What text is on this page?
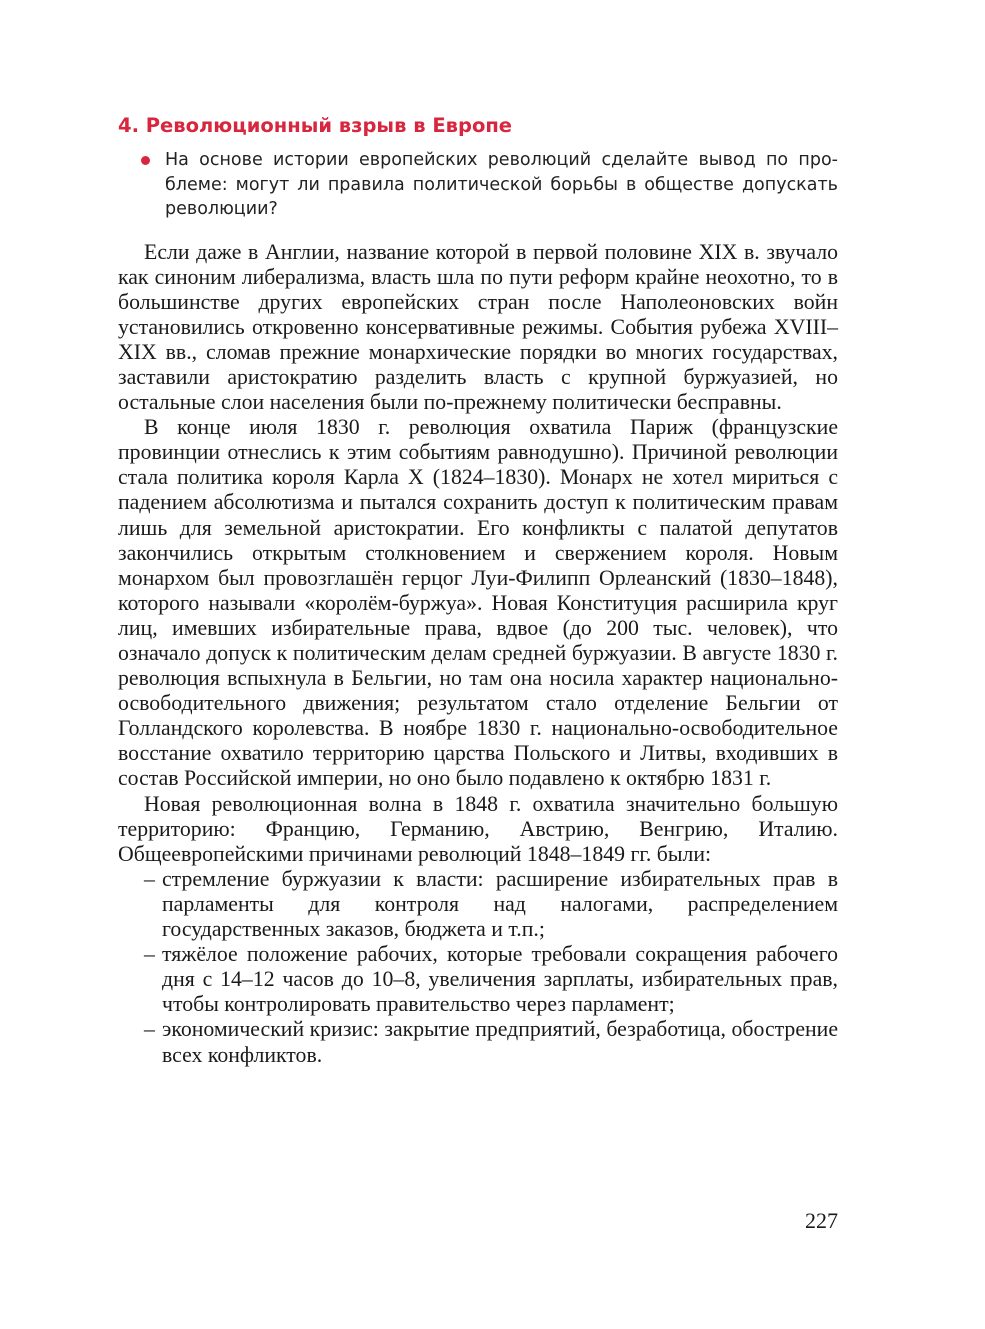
4. Революционный взрыв в Европе
На основе истории европейских революций сделайте вывод по проблеме: могут ли правила политической борьбы в обществе допускать революции?

Если даже в Англии, название которой в первой половине XIX в. звучало как синоним либерализма, власть шла по пути реформ крайне неохотно, то в большинстве других европейских стран после Наполеоновских войн установились откровенно консервативные режимы. События рубежа XVIII–XIX вв., сломав прежние монархические порядки во многих государствах, заставили аристократию разделить власть с крупной буржуазией, но остальные слои населения были по-прежнему политически бесправны.

В конце июля 1830 г. революция охватила Париж (французские провинции отнеслись к этим событиям равнодушно). Причиной революции стала политика короля Карла X (1824–1830). Монарх не хотел мириться с падением абсолютизма и пытался сохранить доступ к политическим правам лишь для земельной аристократии. Его конфликты с палатой депутатов закончились открытым столкновением и свержением короля. Новым монархом был провозглашён герцог Луи-Филипп Орлеанский (1830–1848), которого называли «королём-буржуа». Новая Конституция расширила круг лиц, имевших избирательные права, вдвое (до 200 тыс. человек), что означало допуск к политическим делам средней буржуазии. В августе 1830 г. революция вспыхнула в Бельгии, но там она носила характер национально-освободительного движения; результатом стало отделение Бельгии от Голландского королевства. В ноябре 1830 г. национально-освободительное восстание охватило территорию царства Польского и Литвы, входивших в состав Российской империи, но оно было подавлено к октябрю 1831 г.

Новая революционная волна в 1848 г. охватила значительно большую территорию: Францию, Германию, Австрию, Венгрию, Италию. Общеевропейскими причинами революций 1848–1849 гг. были:

– стремление буржуазии к власти: расширение избирательных прав в парламенты для контроля над налогами, распределением государственных заказов, бюджета и т.п.;
– тяжёлое положение рабочих, которые требовали сокращения рабочего дня с 14–12 часов до 10–8, увеличения зарплаты, избирательных прав, чтобы контролировать правительство через парламент;
– экономический кризис: закрытие предприятий, безработица, обострение всех конфликтов.
227
